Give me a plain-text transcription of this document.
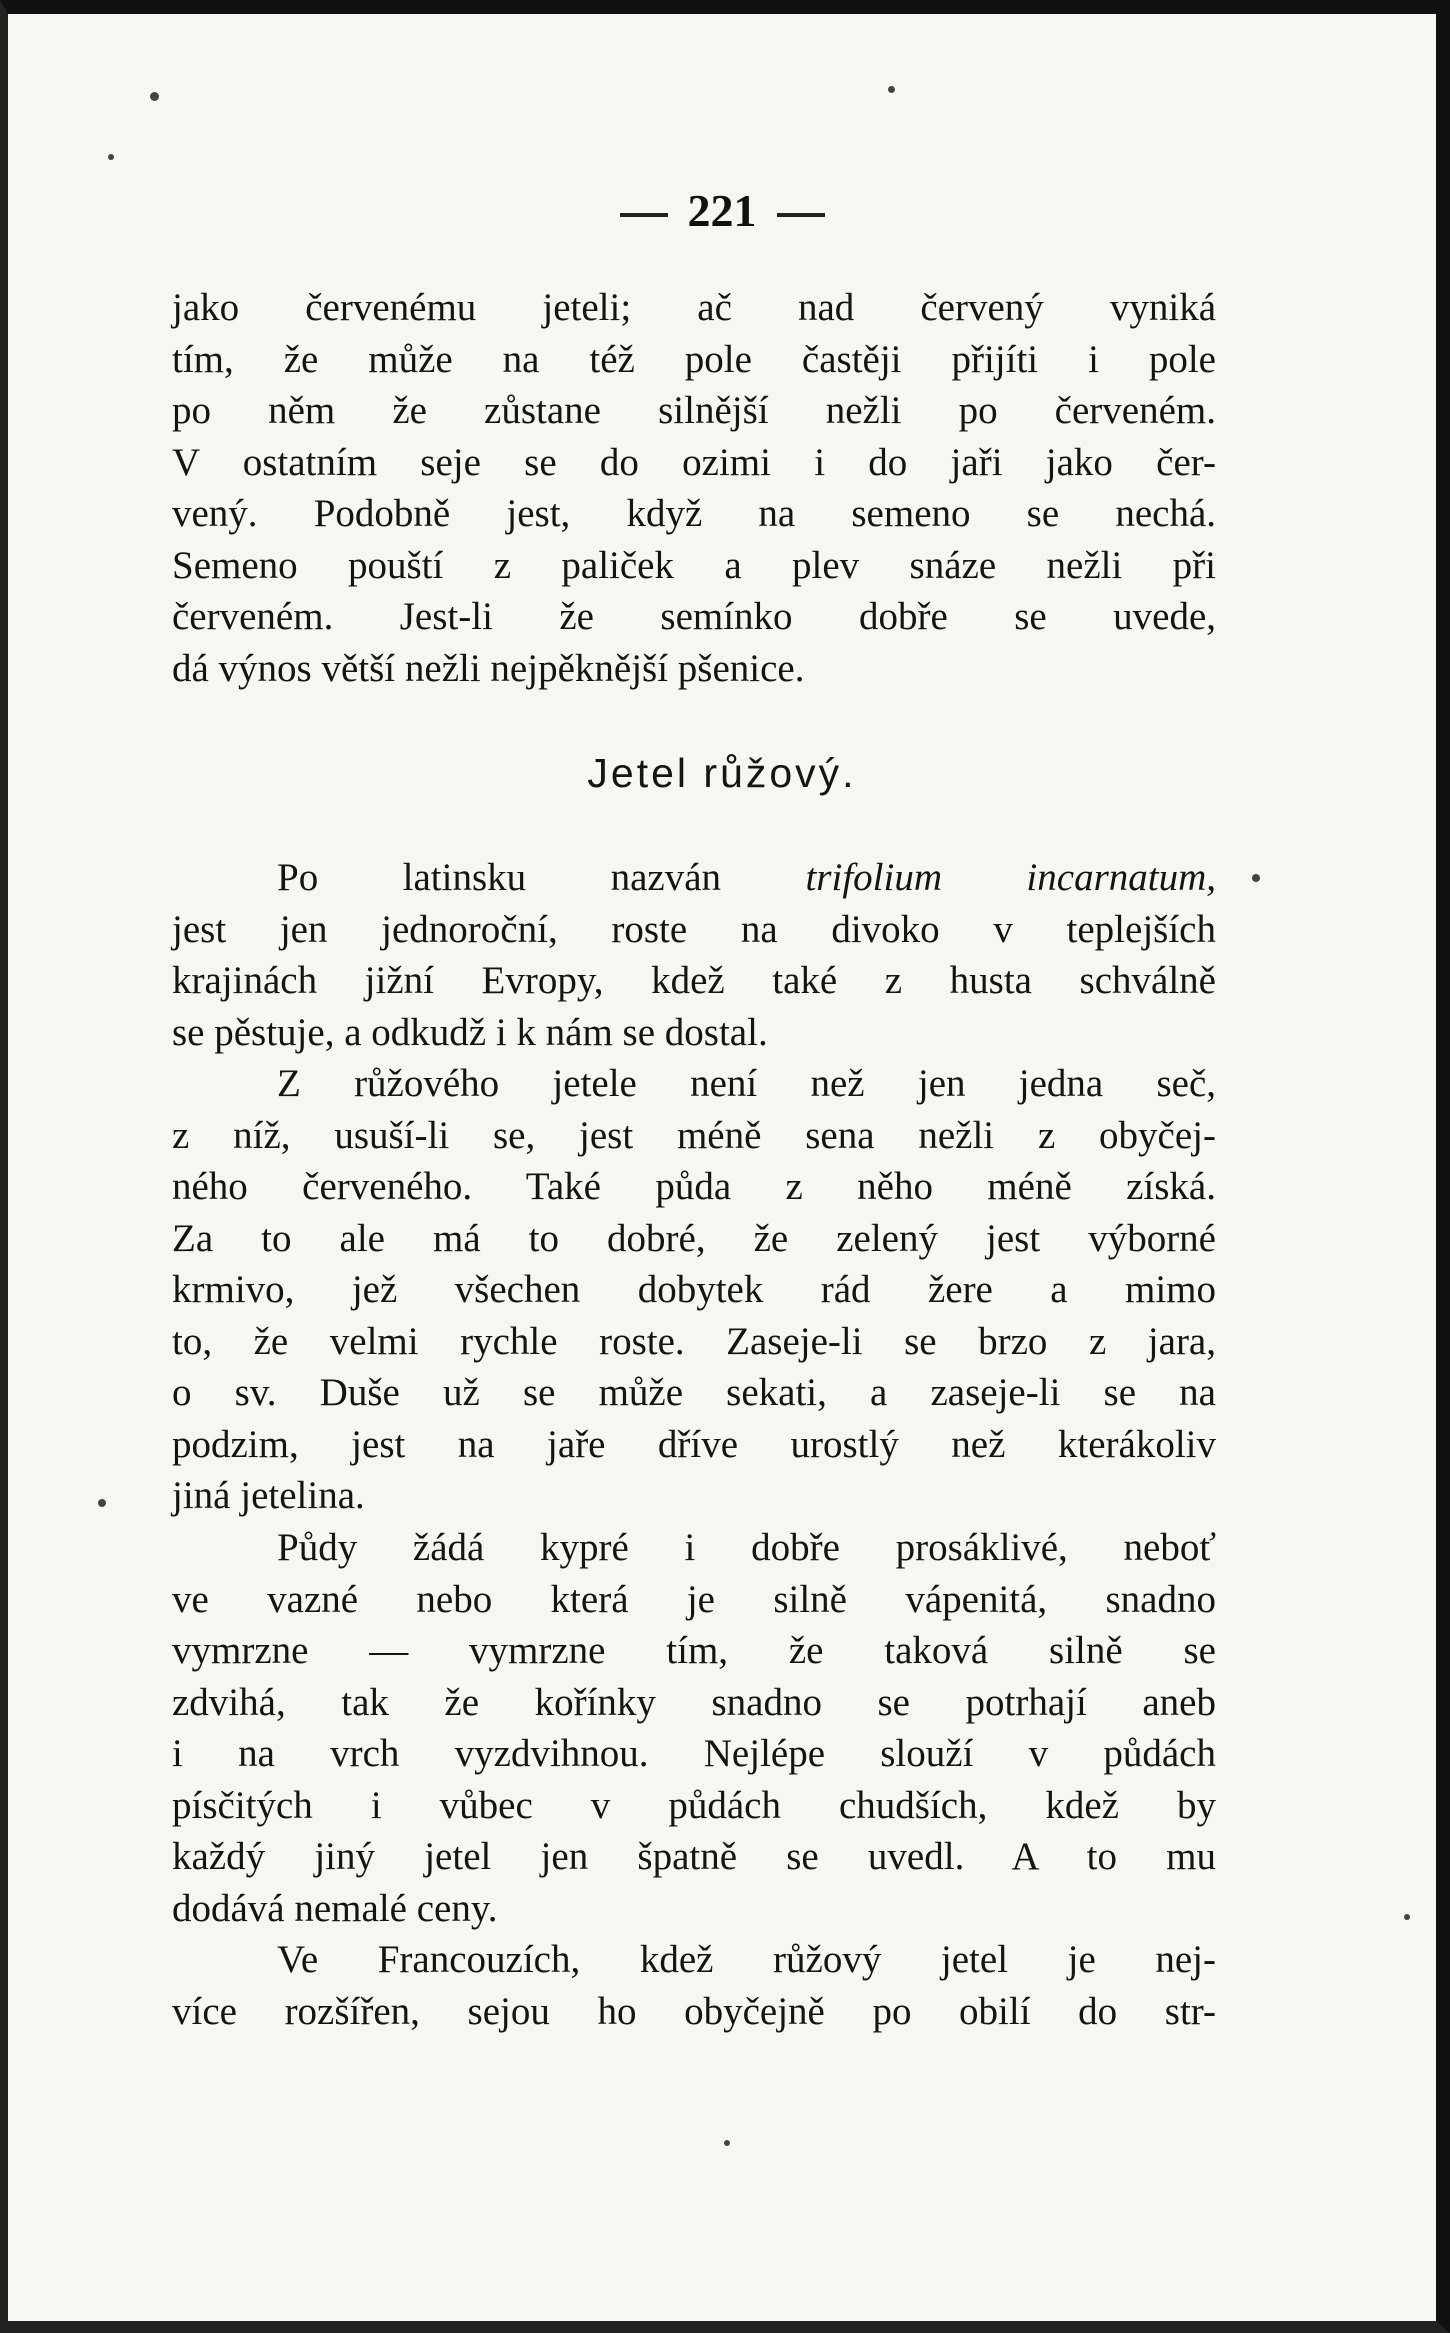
221
jako červenému jeteli; ač nad červený vyniká
tím, že může na též pole častěji přijíti i pole
po něm že zůstane silnější nežli po červeném.
V ostatním seje se do ozimi i do jaři jako čer-
vený. Podobně jest, když na semeno se nechá.
Semeno pouští z paliček a plev snáze nežli při
červeném. Jest-li že semínko dobře se uvede,
dá výnos větší nežli nejpěknější pšenice.
Jetel růžový.
Po latinsku nazván trifolium incarnatum,
jest jen jednoroční, roste na divoko v teplejších
krajinách jižní Evropy, kdež také z husta schválně
se pěstuje, a odkudž i k nám se dostal.
Z růžového jetele není než jen jedna seč,
z níž, usuší-li se, jest méně sena nežli z obyčej-
ného červeného. Také půda z něho méně získá.
Za to ale má to dobré, že zelený jest výborné
krmivo, jež všechen dobytek rád žere a mimo
to, že velmi rychle roste. Zaseje-li se brzo z jara,
o sv. Duše už se může sekati, a zaseje-li se na
podzim, jest na jaře dříve urostlý než kterákoliv
jiná jetelina.
Půdy žádá kypré i dobře prosáklivé, neboť
ve vazné nebo která je silně vápenitá, snadno
vymrzne — vymrzne tím, že taková silně se
zdvihá, tak že kořínky snadno se potrhají aneb
i na vrch vyzdvihnou. Nejlépe slouží v půdách
písčitých i vůbec v půdách chudších, kdež by
každý jiný jetel jen špatně se uvedl. A to mu
dodává nemalé ceny.
Ve Francouzích, kdež růžový jetel je nej-
více rozšířen, sejou ho obyčejně po obilí do str-
